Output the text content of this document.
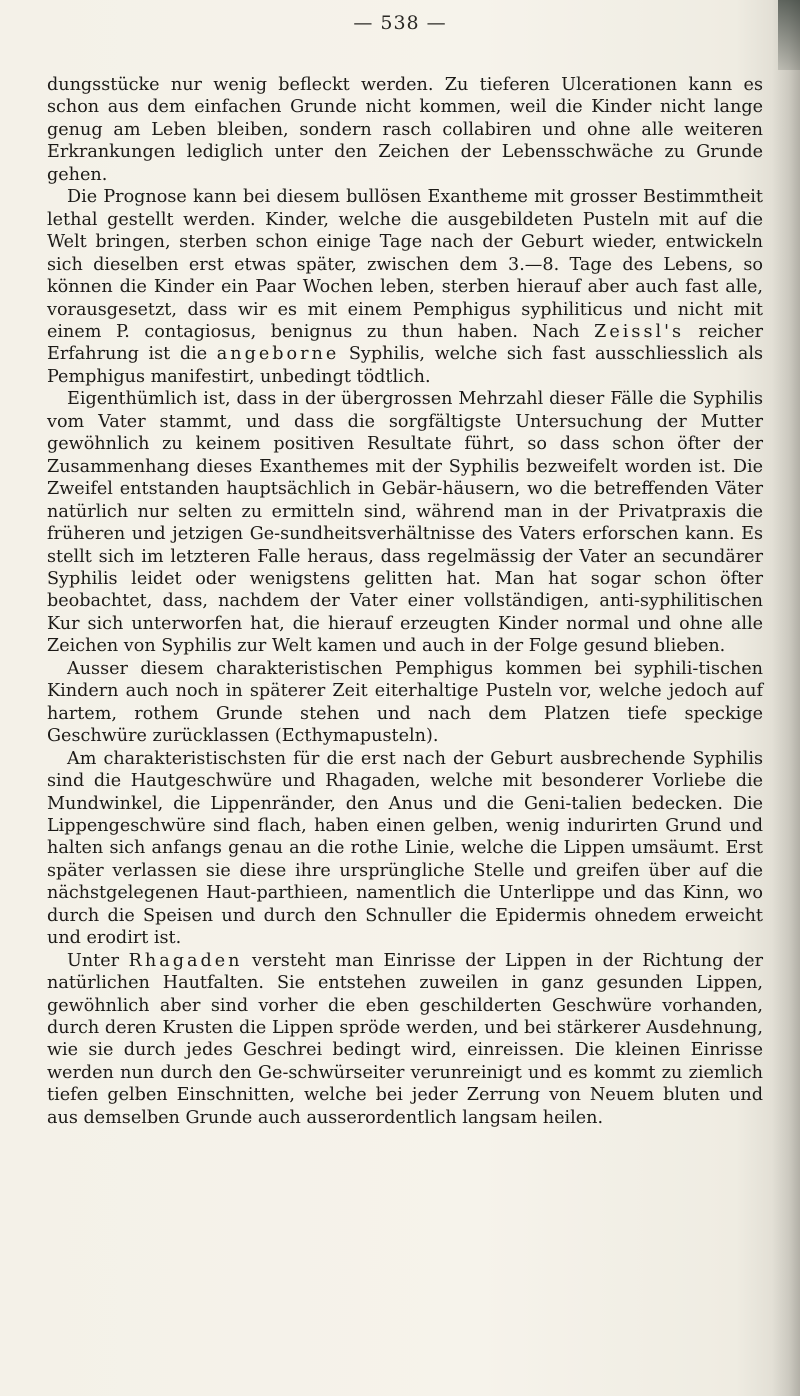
— 538 —

dungsstücke nur wenig befleckt werden. Zu tieferen Ulcerationen kann es schon aus dem einfachen Grunde nicht kommen, weil die Kinder nicht lange genug am Leben bleiben, sondern rasch collabiren und ohne alle weiteren Erkrankungen lediglich unter den Zeichen der Lebensschwäche zu Grunde gehen.

Die Prognose kann bei diesem bullösen Exantheme mit grosser Bestimmtheit lethal gestellt werden. Kinder, welche die ausgebildeten Pusteln mit auf die Welt bringen, sterben schon einige Tage nach der Geburt wieder, entwickeln sich dieselben erst etwas später, zwischen dem 3.—8. Tage des Lebens, so können die Kinder ein Paar Wochen leben, sterben hierauf aber auch fast alle, vorausgesetzt, dass wir es mit einem Pemphigus syphiliticus und nicht mit einem P. contagiosus, benignus zu thun haben. Nach Zeissl's reicher Erfahrung ist die angeborne Syphilis, welche sich fast ausschliesslich als Pemphigus manifestirt, unbedingt tödtlich.

Eigenthümlich ist, dass in der übergrossen Mehrzahl dieser Fälle die Syphilis vom Vater stammt, und dass die sorgfältigste Untersuchung der Mutter gewöhnlich zu keinem positiven Resultate führt, so dass schon öfter der Zusammenhang dieses Exanthemes mit der Syphilis bezweifelt worden ist. Die Zweifel entstanden hauptsächlich in Gebär-häusern, wo die betreffenden Väter natürlich nur selten zu ermitteln sind, während man in der Privatpraxis die früheren und jetzigen Ge-sundheitsverhältnisse des Vaters erforschen kann. Es stellt sich im letzteren Falle heraus, dass regelmässig der Vater an secundärer Syphilis leidet oder wenigstens gelitten hat. Man hat sogar schon öfter beobachtet, dass, nachdem der Vater einer vollständigen, anti-syphilitischen Kur sich unterworfen hat, die hierauf erzeugten Kinder normal und ohne alle Zeichen von Syphilis zur Welt kamen und auch in der Folge gesund blieben.

Ausser diesem charakteristischen Pemphigus kommen bei syphili-tischen Kindern auch noch in späterer Zeit eiterhaltige Pusteln vor, welche jedoch auf hartem, rothem Grunde stehen und nach dem Platzen tiefe speckige Geschwüre zurücklassen (Ecthymapusteln).

Am charakteristischsten für die erst nach der Geburt ausbrechende Syphilis sind die Hautgeschwüre und Rhagaden, welche mit besonderer Vorliebe die Mundwinkel, die Lippenränder, den Anus und die Geni-talien bedecken. Die Lippengeschwüre sind flach, haben einen gelben, wenig indurirten Grund und halten sich anfangs genau an die rothe Linie, welche die Lippen umsäumt. Erst später verlassen sie diese ihre ursprüngliche Stelle und greifen über auf die nächstgelegenen Haut-parthieen, namentlich die Unterlippe und das Kinn, wo durch die Speisen und durch den Schnuller die Epidermis ohnedem erweicht und erodirt ist.

Unter Rhagaden versteht man Einrisse der Lippen in der Richtung der natürlichen Hautfalten. Sie entstehen zuweilen in ganz gesunden Lippen, gewöhnlich aber sind vorher die eben geschilderten Geschwüre vorhanden, durch deren Krusten die Lippen spröde werden, und bei stärkerer Ausdehnung, wie sie durch jedes Geschrei bedingt wird, einreissen. Die kleinen Einrisse werden nun durch den Ge-schwürseiter verunreinigt und es kommt zu ziemlich tiefen gelben Einschnitten, welche bei jeder Zerrung von Neuem bluten und aus demselben Grunde auch ausserordentlich langsam heilen.
